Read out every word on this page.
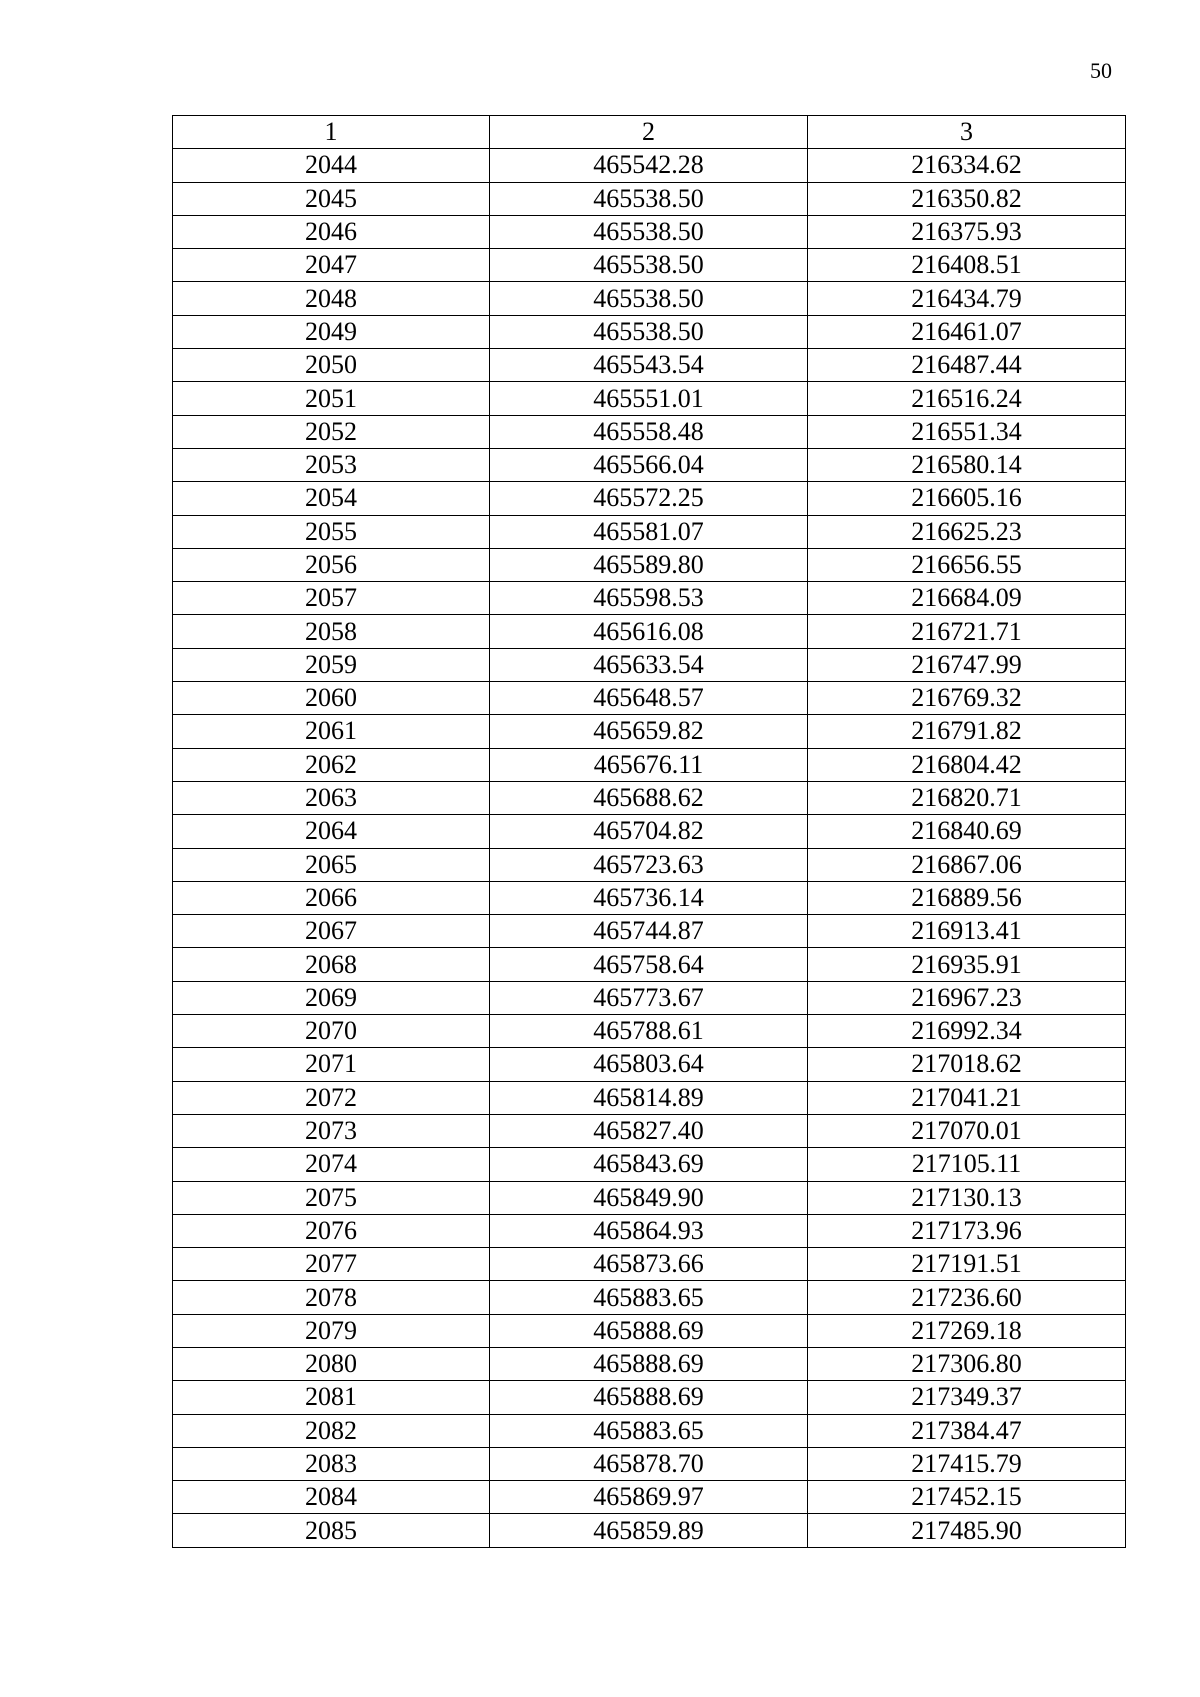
50
1	2	3
2044	465542.28	216334.62
2045	465538.50	216350.82
2046	465538.50	216375.93
2047	465538.50	216408.51
2048	465538.50	216434.79
2049	465538.50	216461.07
2050	465543.54	216487.44
2051	465551.01	216516.24
2052	465558.48	216551.34
2053	465566.04	216580.14
2054	465572.25	216605.16
2055	465581.07	216625.23
2056	465589.80	216656.55
2057	465598.53	216684.09
2058	465616.08	216721.71
2059	465633.54	216747.99
2060	465648.57	216769.32
2061	465659.82	216791.82
2062	465676.11	216804.42
2063	465688.62	216820.71
2064	465704.82	216840.69
2065	465723.63	216867.06
2066	465736.14	216889.56
2067	465744.87	216913.41
2068	465758.64	216935.91
2069	465773.67	216967.23
2070	465788.61	216992.34
2071	465803.64	217018.62
2072	465814.89	217041.21
2073	465827.40	217070.01
2074	465843.69	217105.11
2075	465849.90	217130.13
2076	465864.93	217173.96
2077	465873.66	217191.51
2078	465883.65	217236.60
2079	465888.69	217269.18
2080	465888.69	217306.80
2081	465888.69	217349.37
2082	465883.65	217384.47
2083	465878.70	217415.79
2084	465869.97	217452.15
2085	465859.89	217485.90
